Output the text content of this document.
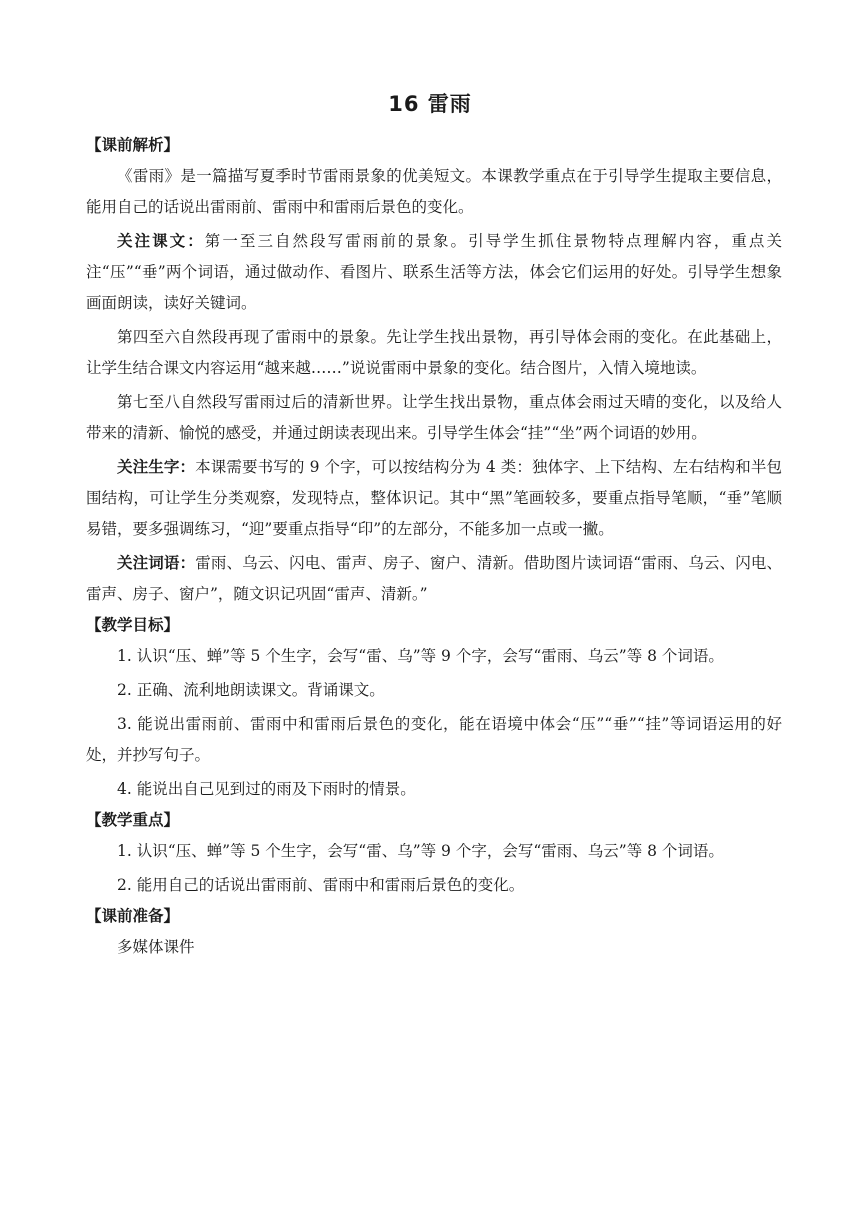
16 雷雨

【课前解析】

《雷雨》是一篇描写夏季时节雷雨景象的优美短文。本课教学重点在于引导学生提取主要信息，能用自己的话说出雷雨前、雷雨中和雷雨后景色的变化。

关注课文：第一至三自然段写雷雨前的景象。引导学生抓住景物特点理解内容，重点关注“压”“垂”两个词语，通过做动作、看图片、联系生活等方法，体会它们运用的好处。引导学生想象画面朗读，读好关键词。

第四至六自然段再现了雷雨中的景象。先让学生找出景物，再引导体会雨的变化。在此基础上，让学生结合课文内容运用“越来越……”说说雷雨中景象的变化。结合图片，入情入境地读。

第七至八自然段写雷雨过后的清新世界。让学生找出景物，重点体会雨过天晴的变化，以及给人带来的清新、愉悦的感受，并通过朗读表现出来。引导学生体会“挂”“坐”两个词语的妙用。

关注生字：本课需要书写的 9 个字，可以按结构分为 4 类：独体字、上下结构、左右结构和半包围结构，可让学生分类观察，发现特点，整体识记。其中“黑”笔画较多，要重点指导笔顺，“垂”笔顺易错，要多强调练习，“迎”要重点指导“印”的左部分，不能多加一点或一撇。

关注词语：雷雨、乌云、闪电、雷声、房子、窗户、清新。借助图片读词语“雷雨、乌云、闪电、雷声、房子、窗户”，随文识记巩固“雷声、清新。”

【教学目标】

1. 认识“压、蝉”等 5 个生字，会写“雷、乌”等 9 个字，会写“雷雨、乌云”等 8 个词语。

2. 正确、流利地朗读课文。背诵课文。

3. 能说出雷雨前、雷雨中和雷雨后景色的变化，能在语境中体会“压”“垂”“挂”等词语运用的好处，并抄写句子。

4. 能说出自己见到过的雨及下雨时的情景。

【教学重点】

1. 认识“压、蝉”等 5 个生字，会写“雷、乌”等 9 个字，会写“雷雨、乌云”等 8 个词语。

2. 能用自己的话说出雷雨前、雷雨中和雷雨后景色的变化。

【课前准备】

多媒体课件
